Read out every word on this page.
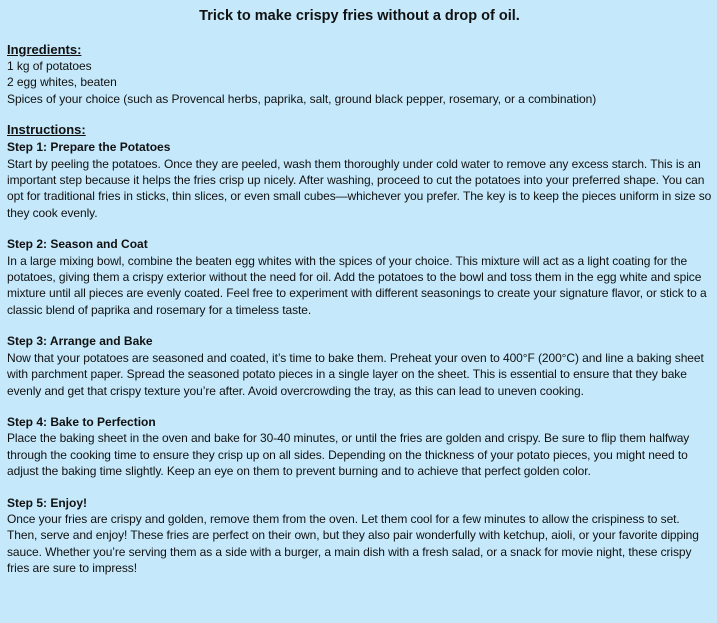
Trick to make crispy fries without a drop of oil.

Ingredients:

1 kg of potatoes

2 egg whites, beaten

Spices of your choice (such as Provencal herbs, paprika, salt, ground black pepper, rosemary, or a combination)

Instructions:

Step 1: Prepare the Potatoes

Start by peeling the potatoes. Once they are peeled, wash them thoroughly under cold water to remove any excess starch. This is an important step because it helps the fries crisp up nicely. After washing, proceed to cut the potatoes into your preferred shape. You can opt for traditional fries in sticks, thin slices, or even small cubes—whichever you prefer. The key is to keep the pieces uniform in size so they cook evenly.

Step 2: Season and Coat

In a large mixing bowl, combine the beaten egg whites with the spices of your choice. This mixture will act as a light coating for the potatoes, giving them a crispy exterior without the need for oil. Add the potatoes to the bowl and toss them in the egg white and spice mixture until all pieces are evenly coated. Feel free to experiment with different seasonings to create your signature flavor, or stick to a classic blend of paprika and rosemary for a timeless taste.

Step 3: Arrange and Bake

Now that your potatoes are seasoned and coated, it’s time to bake them. Preheat your oven to 400°F (200°C) and line a baking sheet with parchment paper. Spread the seasoned potato pieces in a single layer on the sheet. This is essential to ensure that they bake evenly and get that crispy texture you’re after. Avoid overcrowding the tray, as this can lead to uneven cooking.

Step 4: Bake to Perfection

Place the baking sheet in the oven and bake for 30-40 minutes, or until the fries are golden and crispy. Be sure to flip them halfway through the cooking time to ensure they crisp up on all sides. Depending on the thickness of your potato pieces, you might need to adjust the baking time slightly. Keep an eye on them to prevent burning and to achieve that perfect golden color.

Step 5: Enjoy!

Once your fries are crispy and golden, remove them from the oven. Let them cool for a few minutes to allow the crispiness to set. Then, serve and enjoy! These fries are perfect on their own, but they also pair wonderfully with ketchup, aioli, or your favorite dipping sauce. Whether you’re serving them as a side with a burger, a main dish with a fresh salad, or a snack for movie night, these crispy fries are sure to impress!
